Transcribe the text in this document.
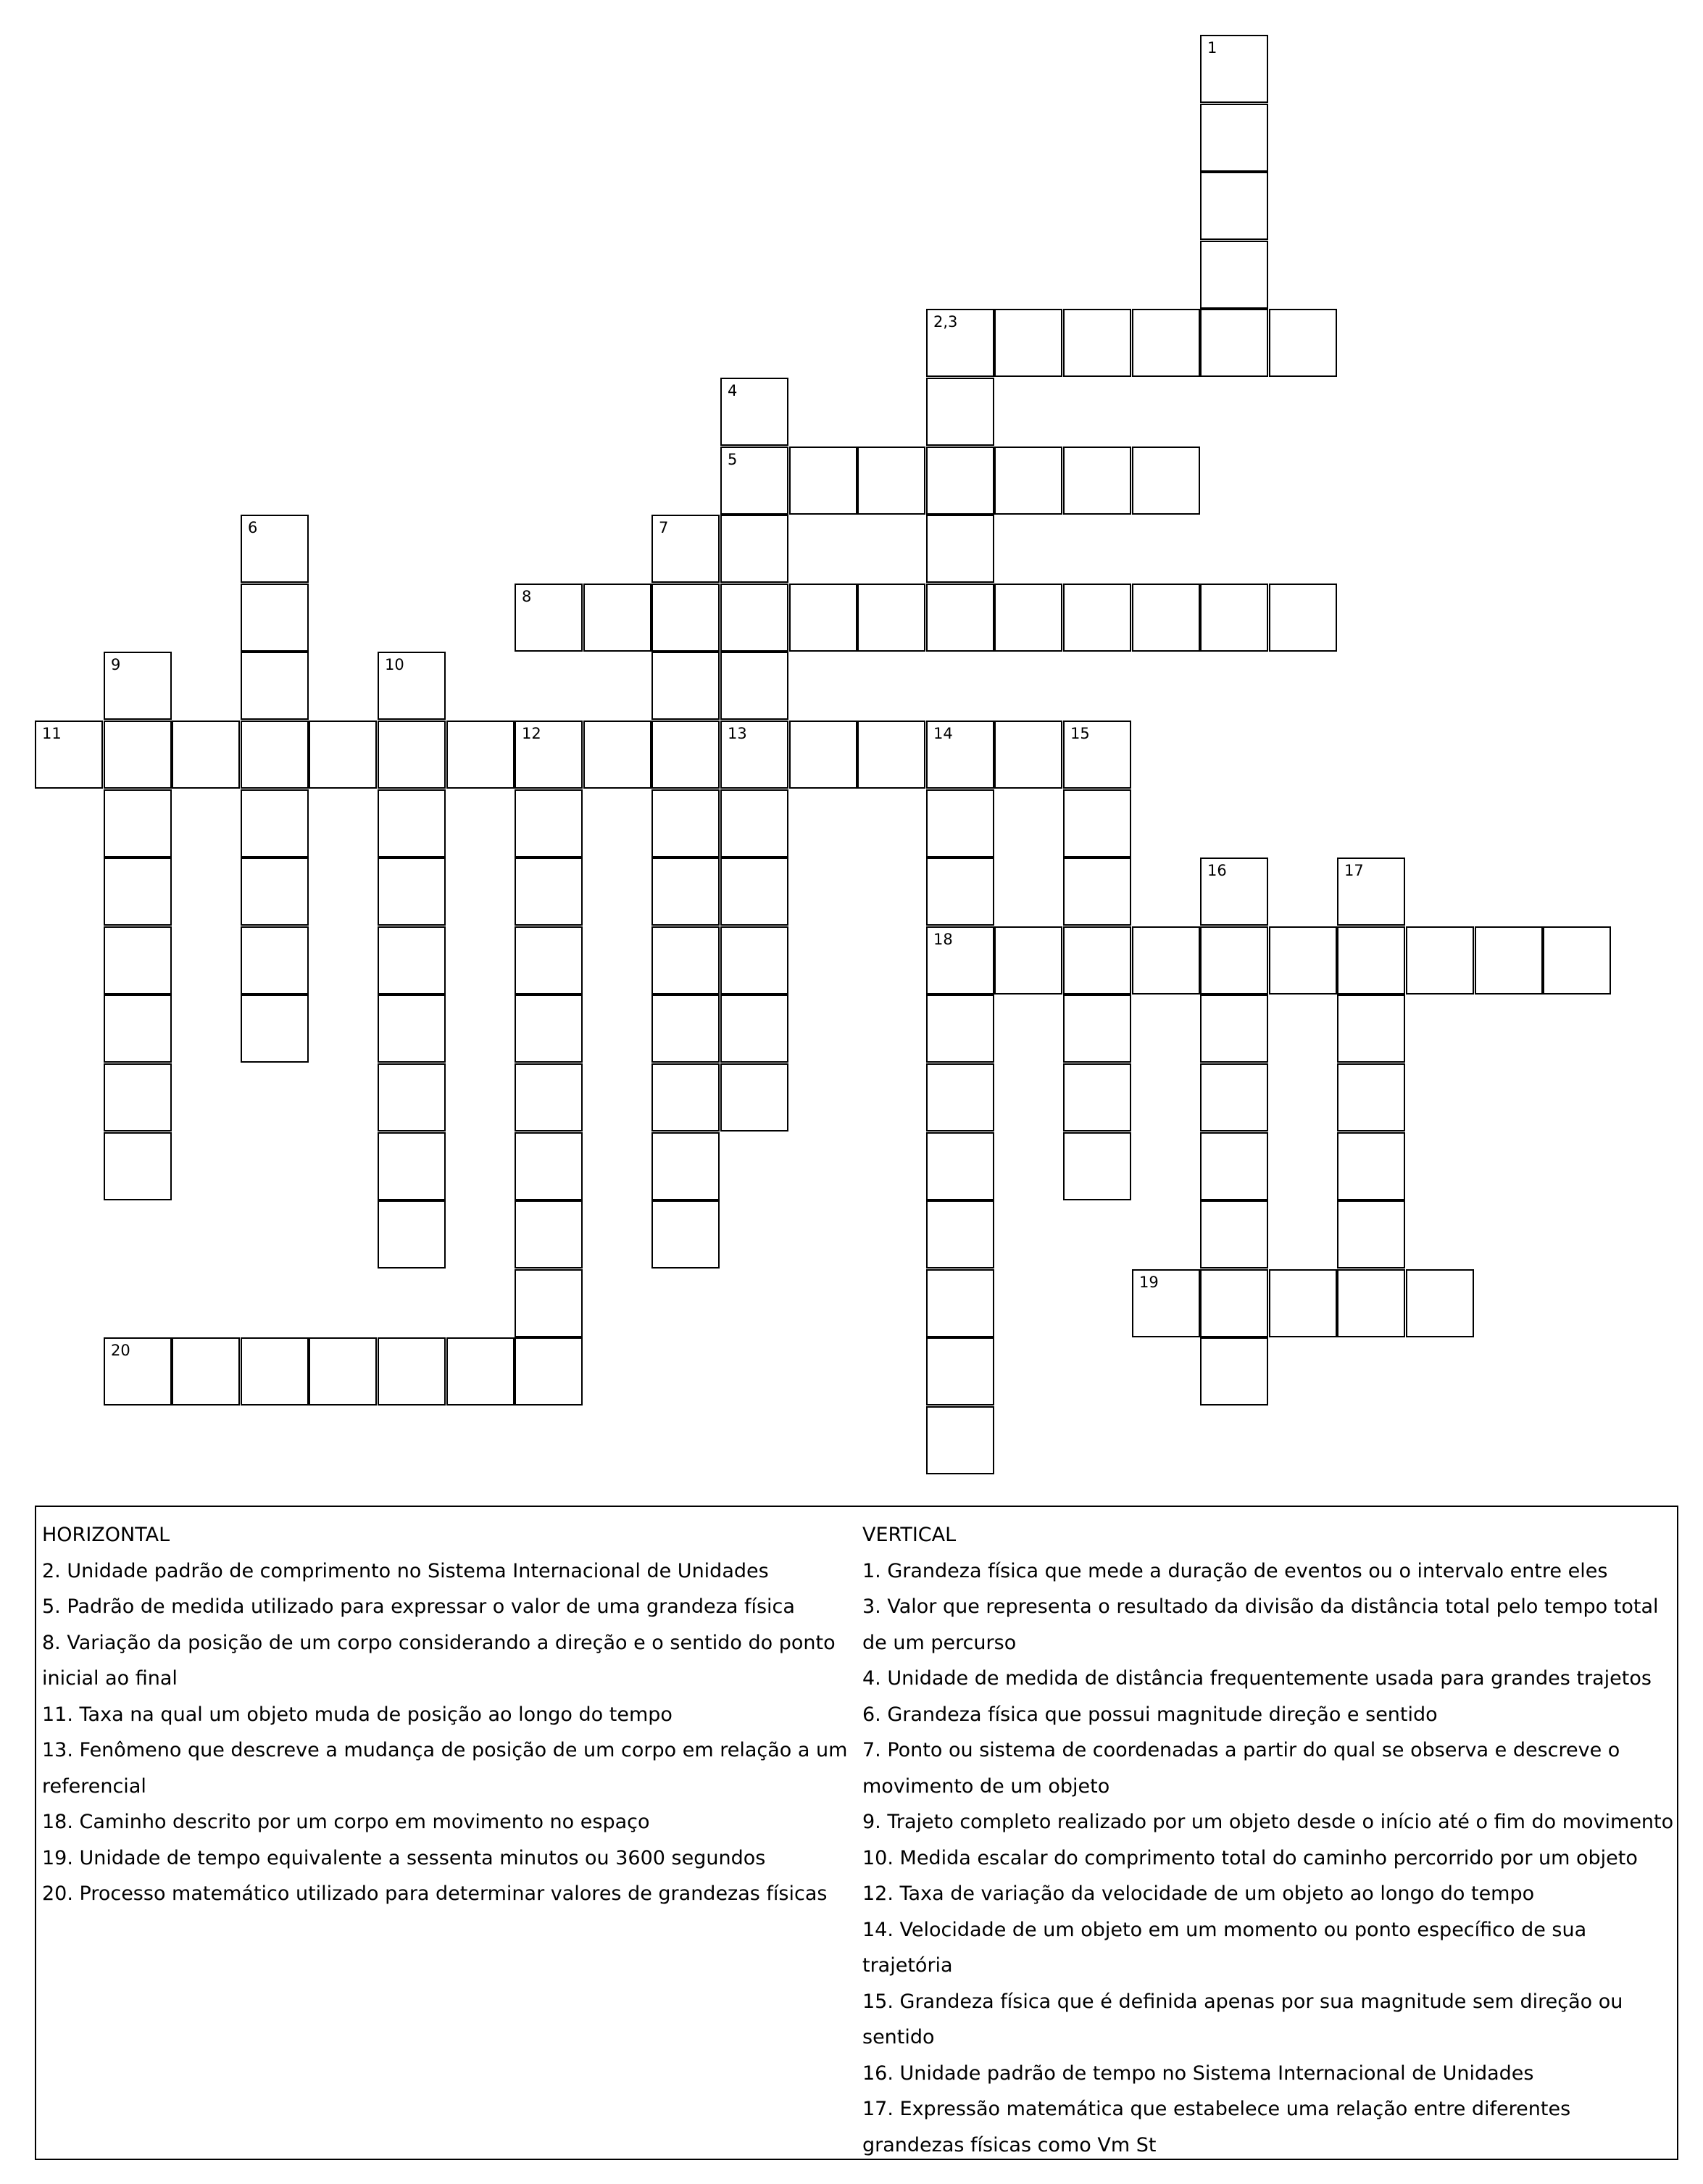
1
2,3
4
5
6	7
8
9	10
11	12	13	14
18
15
16	17
19
20
HORIZONTAL
2. Unidade padrão de comprimento no Sistema Internacional de Unidades
5. Padrão de medida utilizado para expressar o valor de uma grandeza física
8. Variação da posição de um corpo considerando a direção e o sentido do ponto inicial ao final
11. Taxa na qual um objeto muda de posição ao longo do tempo
13. Fenômeno que descreve a mudança de posição de um corpo em relação a um referencial
18. Caminho descrito por um corpo em movimento no espaço
19. Unidade de tempo equivalente a sessenta minutos ou 3600 segundos
20. Processo matemático utilizado para determinar valores de grandezas físicas
VERTICAL
1. Grandeza física que mede a duração de eventos ou o intervalo entre eles
3. Valor que representa o resultado da divisão da distância total pelo tempo total de um percurso
4. Unidade de medida de distância frequentemente usada para grandes trajetos
6. Grandeza física que possui magnitude direção e sentido
7. Ponto ou sistema de coordenadas a partir do qual se observa e descreve o movimento de um objeto
9. Trajeto completo realizado por um objeto desde o início até o fim do movimento
10. Medida escalar do comprimento total do caminho percorrido por um objeto
12. Taxa de variação da velocidade de um objeto ao longo do tempo
14. Velocidade de um objeto em um momento ou ponto específico de sua trajetória
15. Grandeza física que é definida apenas por sua magnitude sem direção ou sentido
16. Unidade padrão de tempo no Sistema Internacional de Unidades
17. Expressão matemática que estabelece uma relação entre diferentes grandezas físicas como Vm St
